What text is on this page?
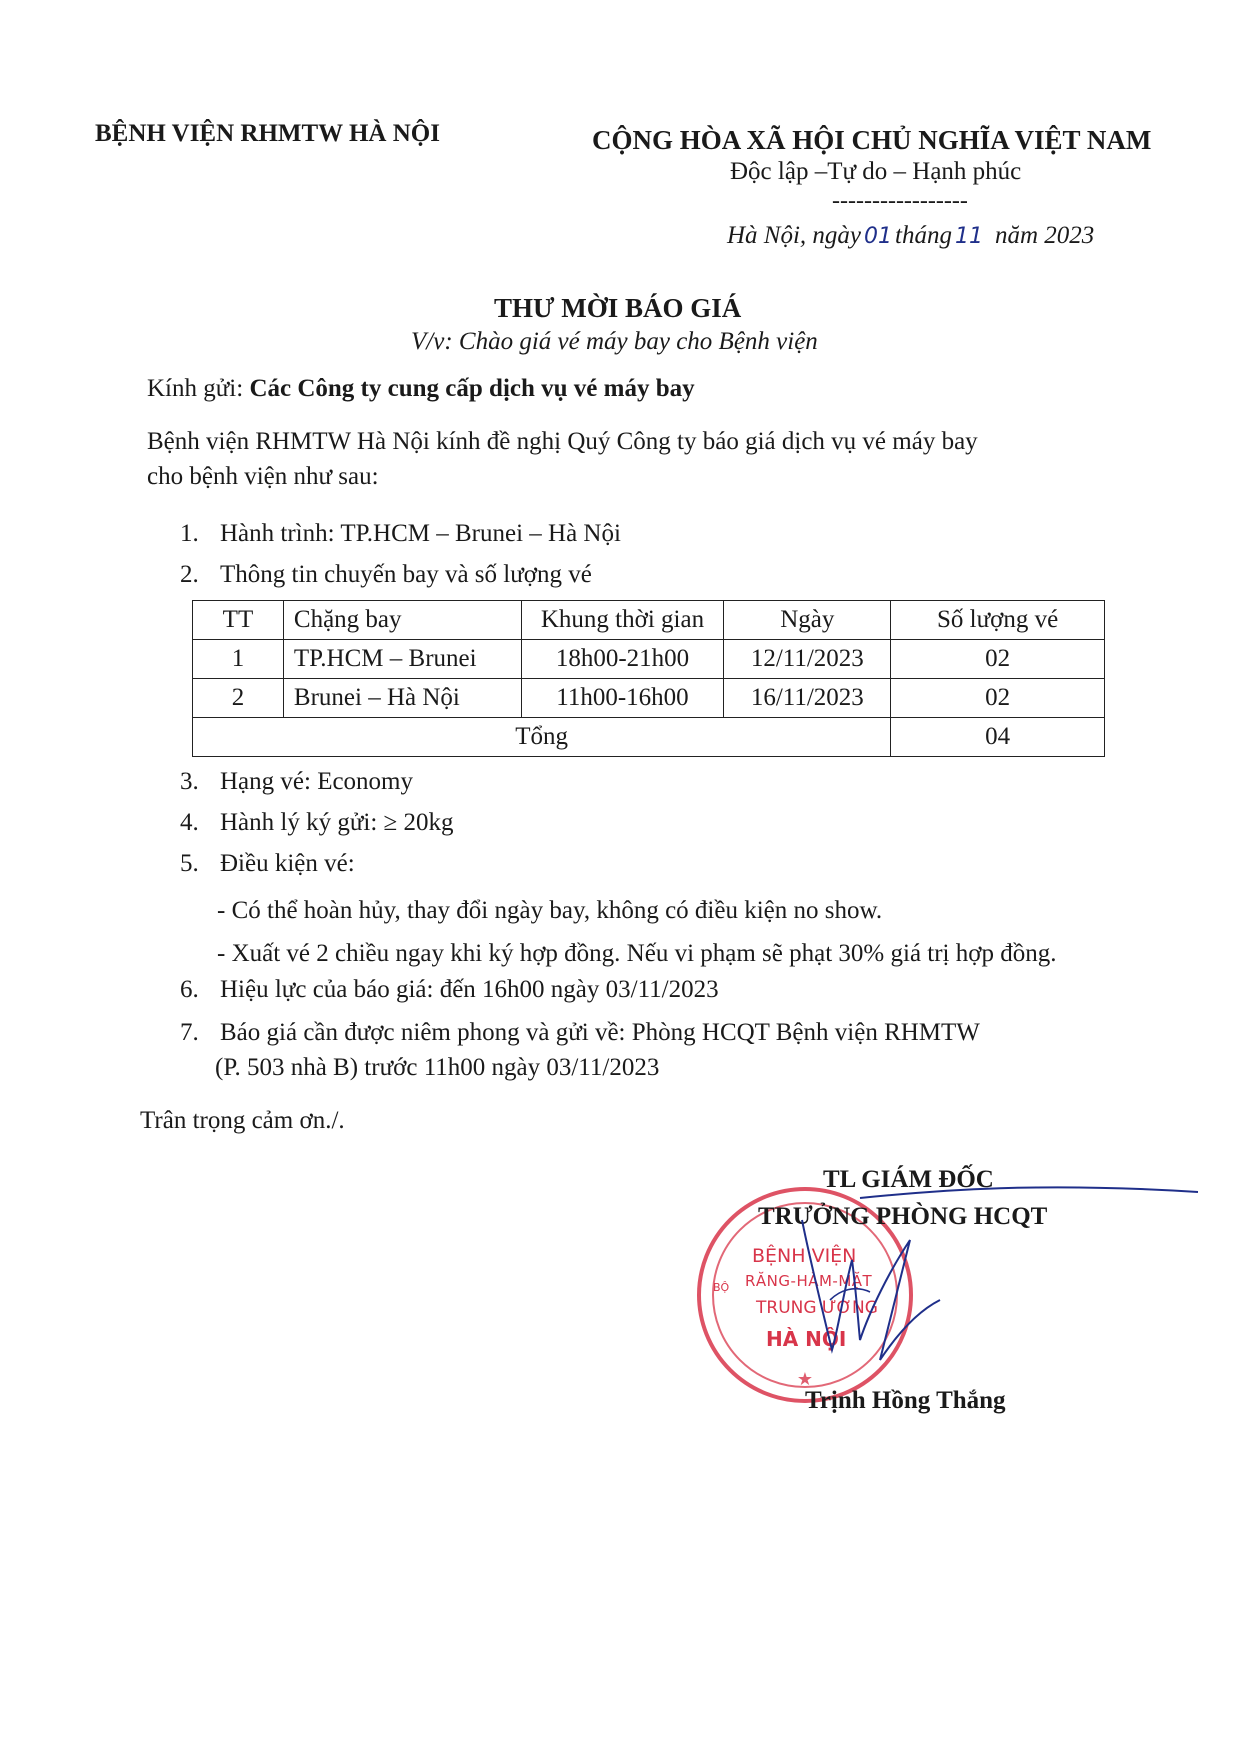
BỆNH VIỆN RHMTW HÀ NỘI	CỘNG HÒA XÃ HỘI CHỦ NGHĨA VIỆT NAM
Độc lập –Tự do – Hạnh phúc
-----------------
Hà Nội, ngày 01 tháng 11 năm 2023
THƯ MỜI BÁO GIÁ
V/v: Chào giá vé máy bay cho Bệnh viện
Kính gửi: Các Công ty cung cấp dịch vụ vé máy bay
Bệnh viện RHMTW Hà Nội kính đề nghị Quý Công ty báo giá dịch vụ vé máy bay
cho bệnh viện như sau:
1. Hành trình: TP.HCM – Brunei – Hà Nội
2. Thông tin chuyến bay và số lượng vé
TT	Chặng bay	Khung thời gian	Ngày	Số lượng vé
1	TP.HCM – Brunei	18h00-21h00	12/11/2023	02
2	Brunei – Hà Nội	11h00-16h00	16/11/2023	02
Tổng				04
3. Hạng vé: Economy
4. Hành lý ký gửi: ≥ 20kg
5. Điều kiện vé:
- Có thể hoàn hủy, thay đổi ngày bay, không có điều kiện no show.
- Xuất vé 2 chiều ngay khi ký hợp đồng. Nếu vi phạm sẽ phạt 30% giá trị hợp đồng.
6. Hiệu lực của báo giá: đến 16h00 ngày 03/11/2023
7. Báo giá cần được niêm phong và gửi về: Phòng HCQT Bệnh viện RHMTW
(P. 503 nhà B) trước 11h00 ngày 03/11/2023
Trân trọng cảm ơn./.
★
BỆNH VIỆN
RĂNG-HÀM-MẶT
TRUNG ƯƠNG
HÀ NỘI
BỘ
TL GIÁM ĐỐC
TRƯỞNG PHÒNG HCQT
Trịnh Hồng Thắng
